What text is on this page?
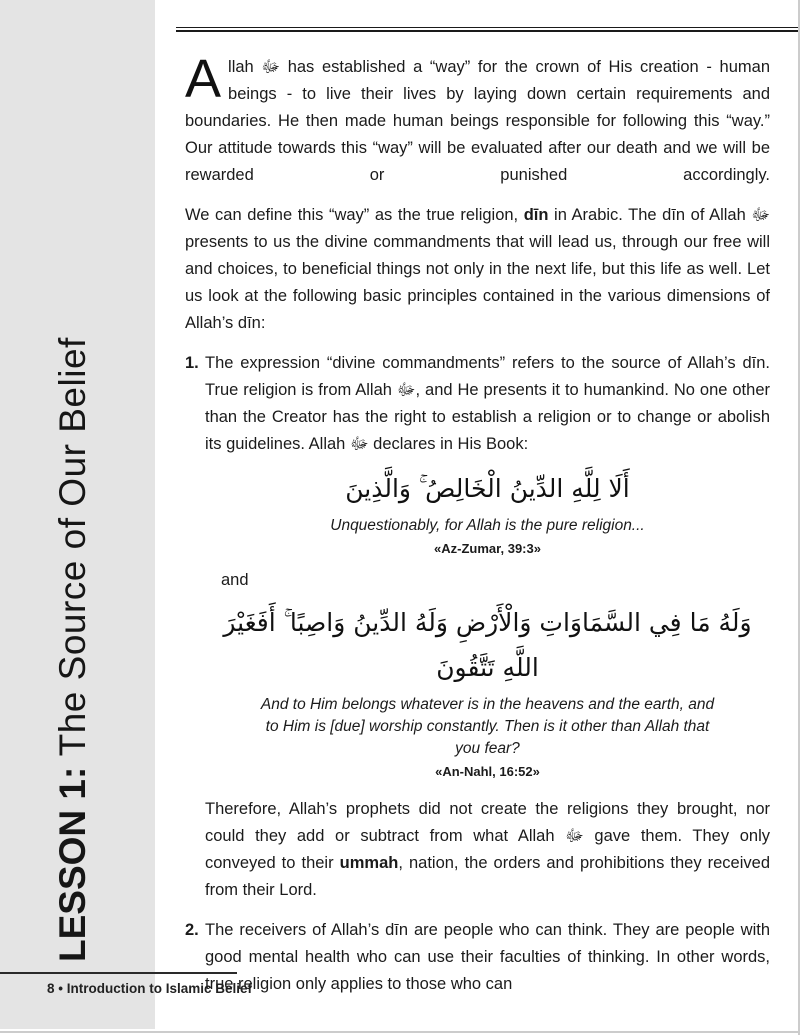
LESSON 1: The Source of Our Belief

Allah ﷻ has established a “way” for the crown of His creation - human beings - to live their lives by laying down certain requirements and boundaries. He then made human beings responsible for following this “way.” Our attitude towards this “way” will be evaluated after our death and we will be rewarded or punished accordingly.

We can define this “way” as the true religion, dīn in Arabic. The dīn of Allah ﷻ presents to us the divine commandments that will lead us, through our free will and choices, to beneficial things not only in the next life, but this life as well. Let us look at the following basic principles contained in the various dimensions of Allah’s dīn:

1. The expression “divine commandments” refers to the source of Allah’s dīn. True religion is from Allah ﷻ, and He presents it to humankind. No one other than the Creator has the right to establish a religion or to change or abolish its guidelines. Allah ﷻ declares in His Book:

أَلَا لِلَّهِ الدِّينُ الْخَالِصُ ۚ وَالَّذِينَ
Unquestionably, for Allah is the pure religion...
«Az-Zumar, 39:3»

and

وَلَهُ مَا فِي السَّمَاوَاتِ وَالْأَرْضِ وَلَهُ الدِّينُ وَاصِبًا ۚ أَفَغَيْرَ اللَّهِ تَتَّقُونَ
And to Him belongs whatever is in the heavens and the earth, and to Him is [due] worship constantly. Then is it other than Allah that you fear?
«An-Nahl, 16:52»

Therefore, Allah’s prophets did not create the religions they brought, nor could they add or subtract from what Allah ﷻ gave them. They only conveyed to their ummah, nation, the orders and prohibitions they received from their Lord.

2. The receivers of Allah’s dīn are people who can think. They are people with good mental health who can use their faculties of thinking. In other words, true religion only applies to those who can

8 • Introduction to Islamic Belief
